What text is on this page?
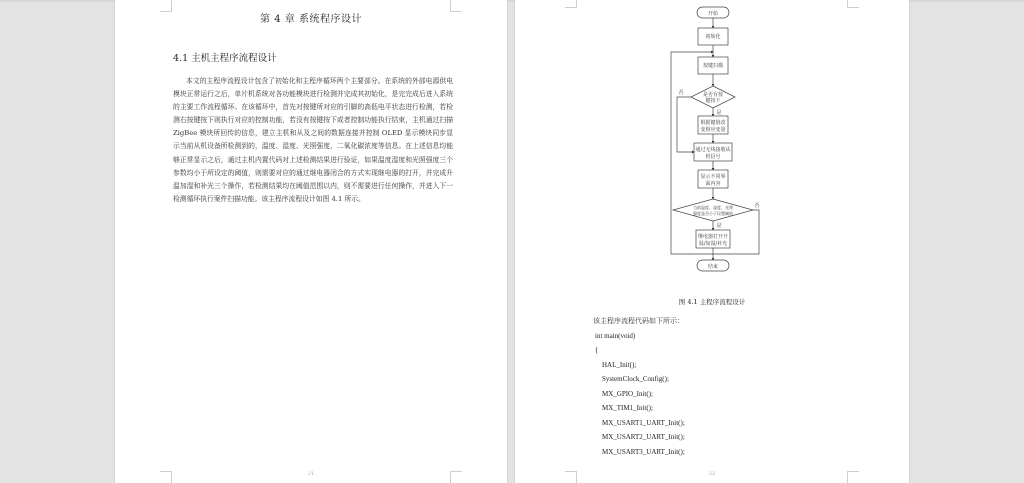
第 4 章 系统程序设计
4.1 主机主程序流程设计
本文的主程序流程设计包含了初始化和主程序循环两个主要部分。在系统的外部电源供电模块正常运行之后，单片机系统对各功能模块进行检测并完成其初始化，是完完成后进入系统的主要工作流程循环。在该循环中，首先对按键所对应的引脚的高低电平状态进行检测，若检测右按键按下则执行对应的控制功能，若没有按键按下或者控制功能执行结束，主机通过扫描 ZigBee 模块所回传的信息，建立主机和从及之间的数据连接并控制 OLED 显示模块同步显示当前从机设备所检测到的，温度、湿度、光照强度、二氧化碳浓度等信息。在上述信息均能够正常显示之后，通过主机内置代码对上述检测结果进行验证，如果温度湿度和光照强度三个参数均小于所设定的阈值，则需要对应的通过继电器闭合的方式实现继电器的打开，并完成升温加湿和补光三个操作，若检测结果均在阈值范围以内，则不需要进行任何操作，并进入下一检测循环执行案件扫描功能。该主程序流程设计如图 4.1 所示。
21
开始
初始化
按键扫描
是否有按
键按下
是
否
根据键值改
变相应变量
通过无线接收从
机信号
显示不同界
面内容
当前温度、湿度、光照
强度是否小于设置阈值
是
否
继电器打开升
温/加湿/补光
结束
图 4.1 主程序流程设计
该主程序流程代码如下所示：
int main(void)
{
HAL_Init();
SystemClock_Config();
MX_GPIO_Init();
MX_TIM1_Init();
MX_USART1_UART_Init();
MX_USART2_UART_Init();
MX_USART3_UART_Init();
22
